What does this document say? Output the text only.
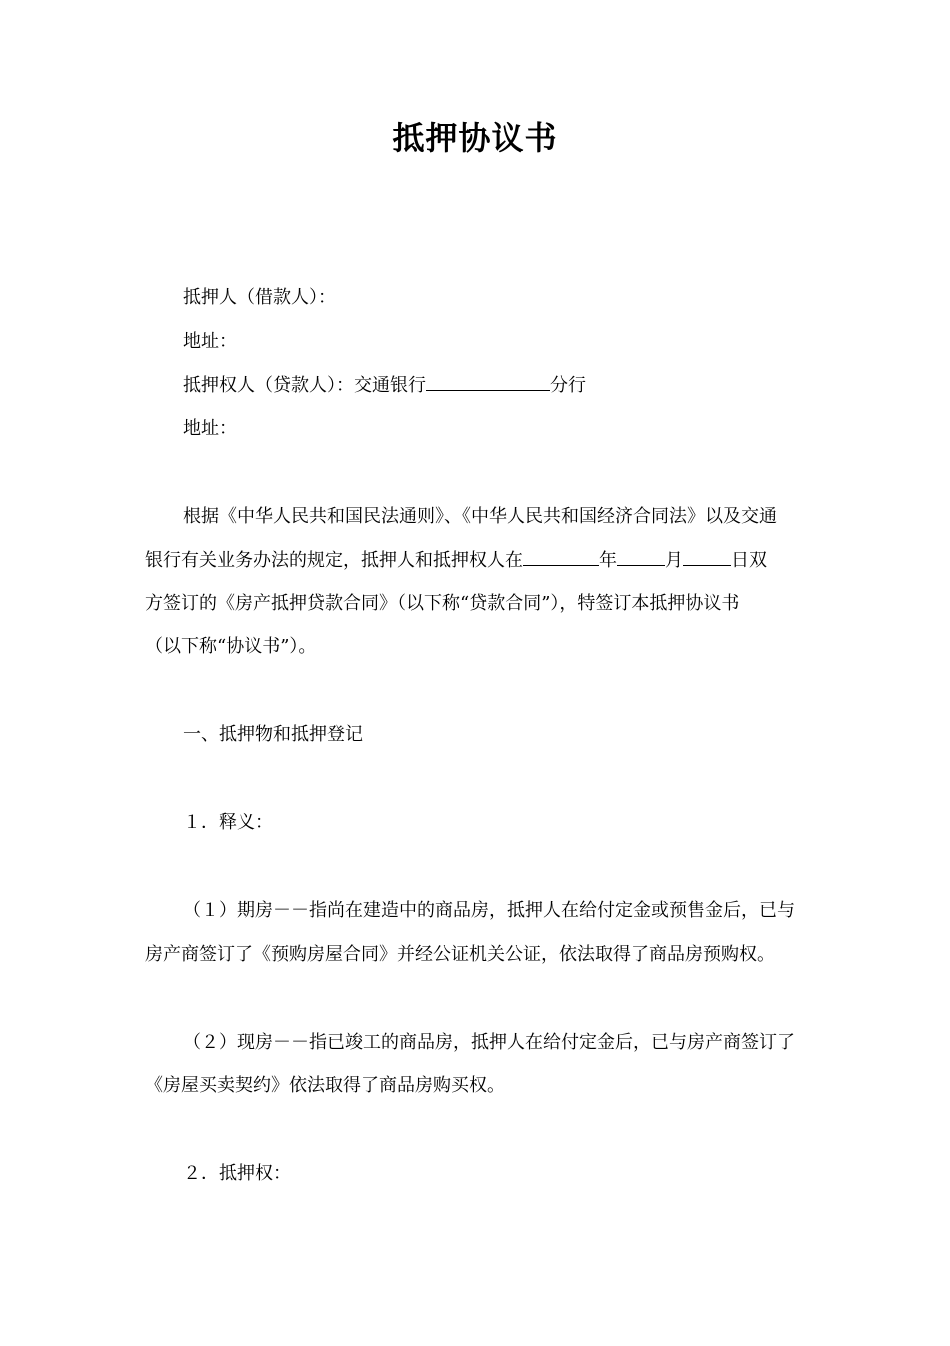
抵押协议书
抵押人（借款人）：
地址：
抵押权人（贷款人）：交通银行	分行
地址：
根据《中华人民共和国民法通则》、《中华人民共和国经济合同法》以及交通
银行有关业务办法的规定，抵押人和抵押权人在	年	月	日双
方签订的《房产抵押贷款合同》（以下称“贷款合同”），特签订本抵押协议书
（以下称“协议书”）。
一、抵押物和抵押登记
１．释义：
（１）期房－－指尚在建造中的商品房，抵押人在给付定金或预售金后，已与
房产商签订了《预购房屋合同》并经公证机关公证，依法取得了商品房预购权。
（２）现房－－指已竣工的商品房，抵押人在给付定金后，已与房产商签订了
《房屋买卖契约》依法取得了商品房购买权。
２．抵押权：
